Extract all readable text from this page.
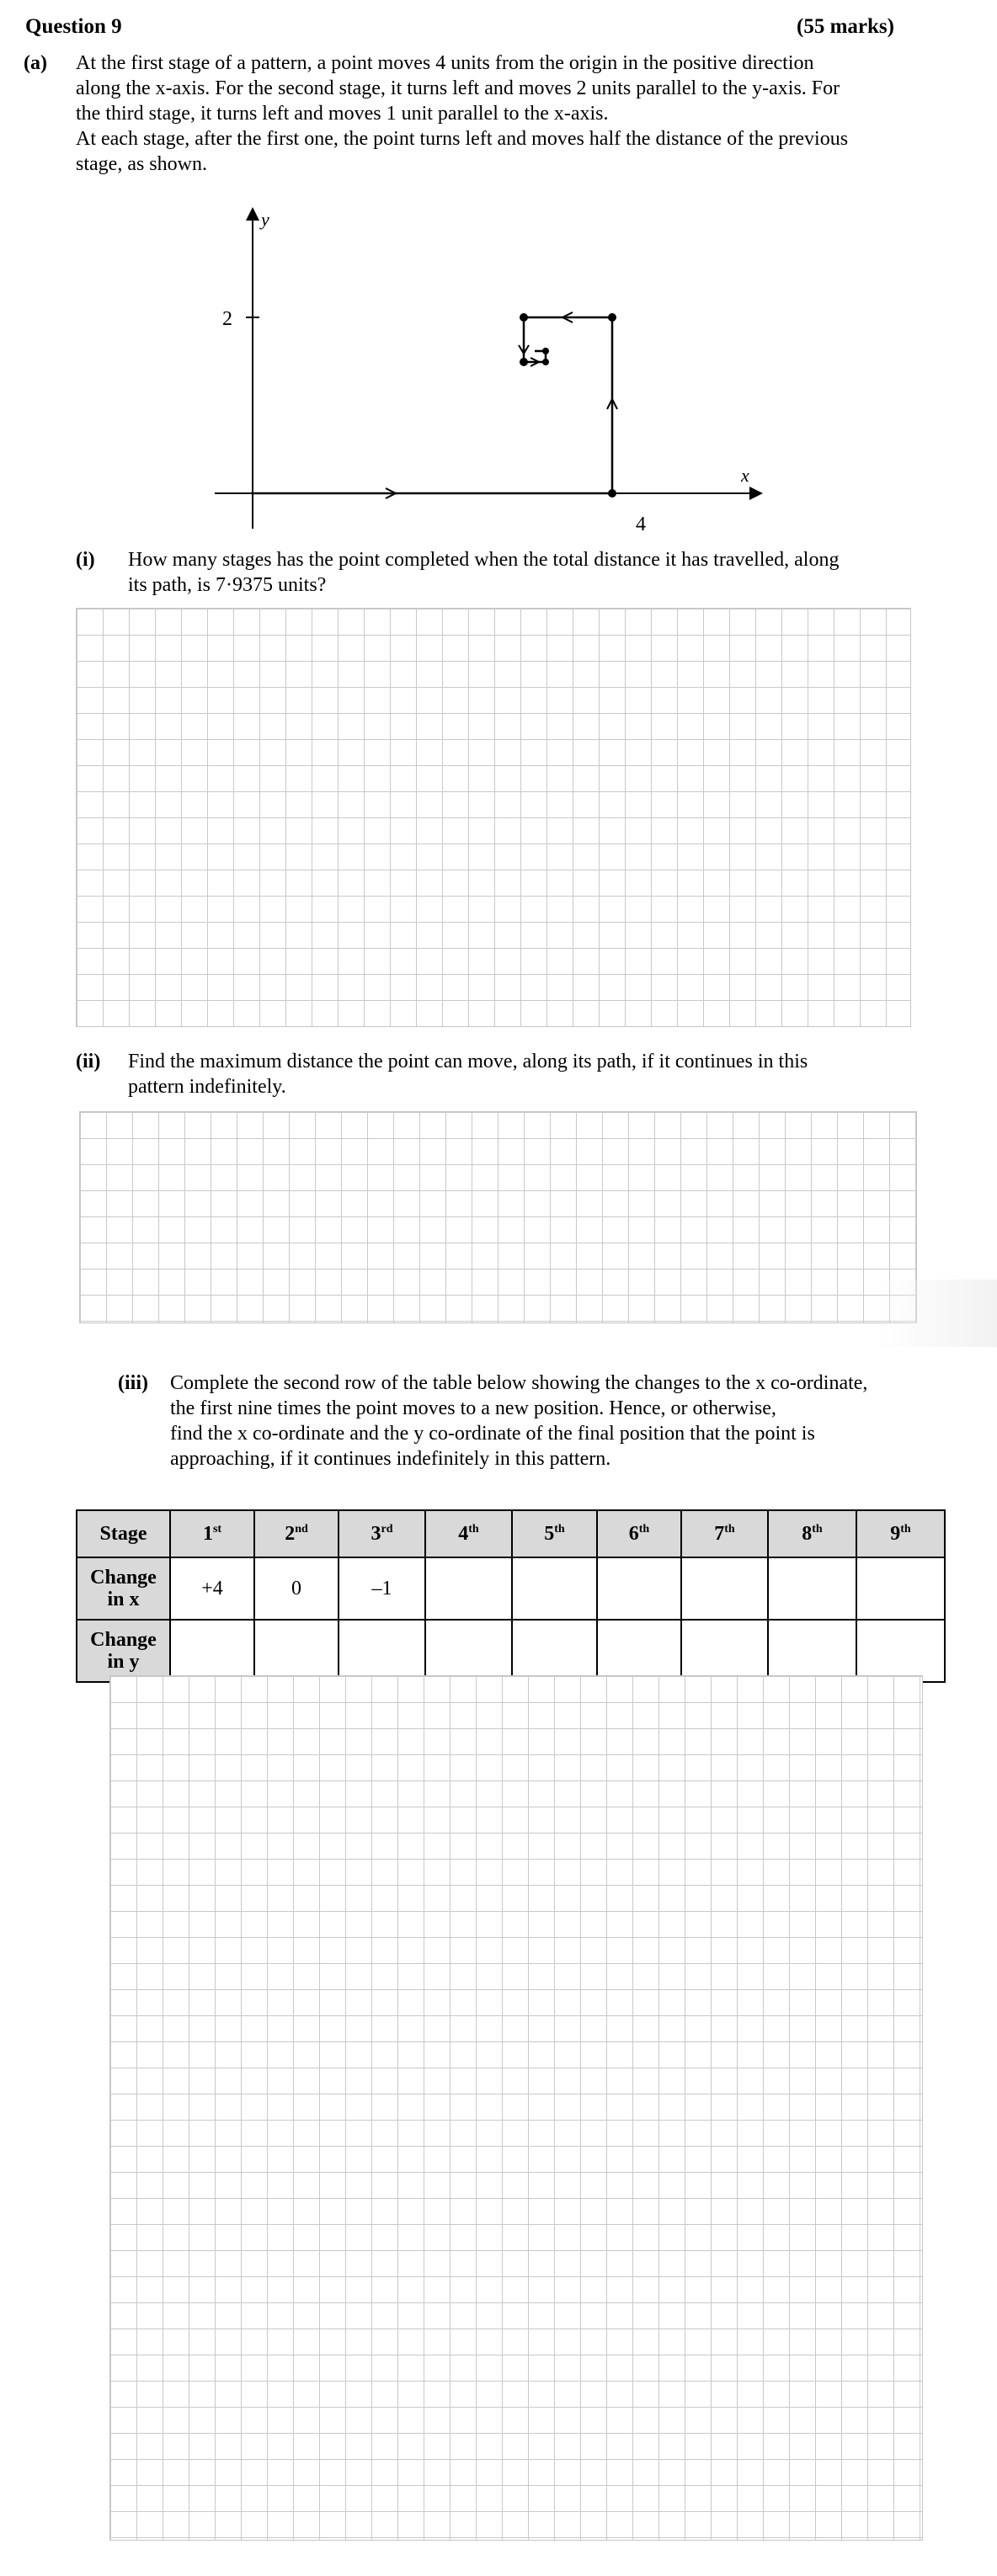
Question 9	(55 marks)
(a) At the first stage of a pattern, a point moves 4 units from the origin in the positive direction
along the x-axis. For the second stage, it turns left and moves 2 units parallel to the y-axis. For
the third stage, it turns left and moves 1 unit parallel to the x-axis.
At each stage, after the first one, the point turns left and moves half the distance of the previous
stage, as shown.
2
y
x
4
(i) How many stages has the point completed when the total distance it has travelled, along
its path, is 7·9375 units?
(ii) Find the maximum distance the point can move, along its path, if it continues in this
pattern indefinitely.
(iii) Complete the second row of the table below showing the changes to the x co-ordinate,
the first nine times the point moves to a new position. Hence, or otherwise,
find the x co-ordinate and the y co-ordinate of the final position that the point is
approaching, if it continues indefinitely in this pattern.
Stage	1st	2nd	3rd	4th	5th	6th	7th	8th	9th

Change
in x	+4	0	–1						

Change
in y									
